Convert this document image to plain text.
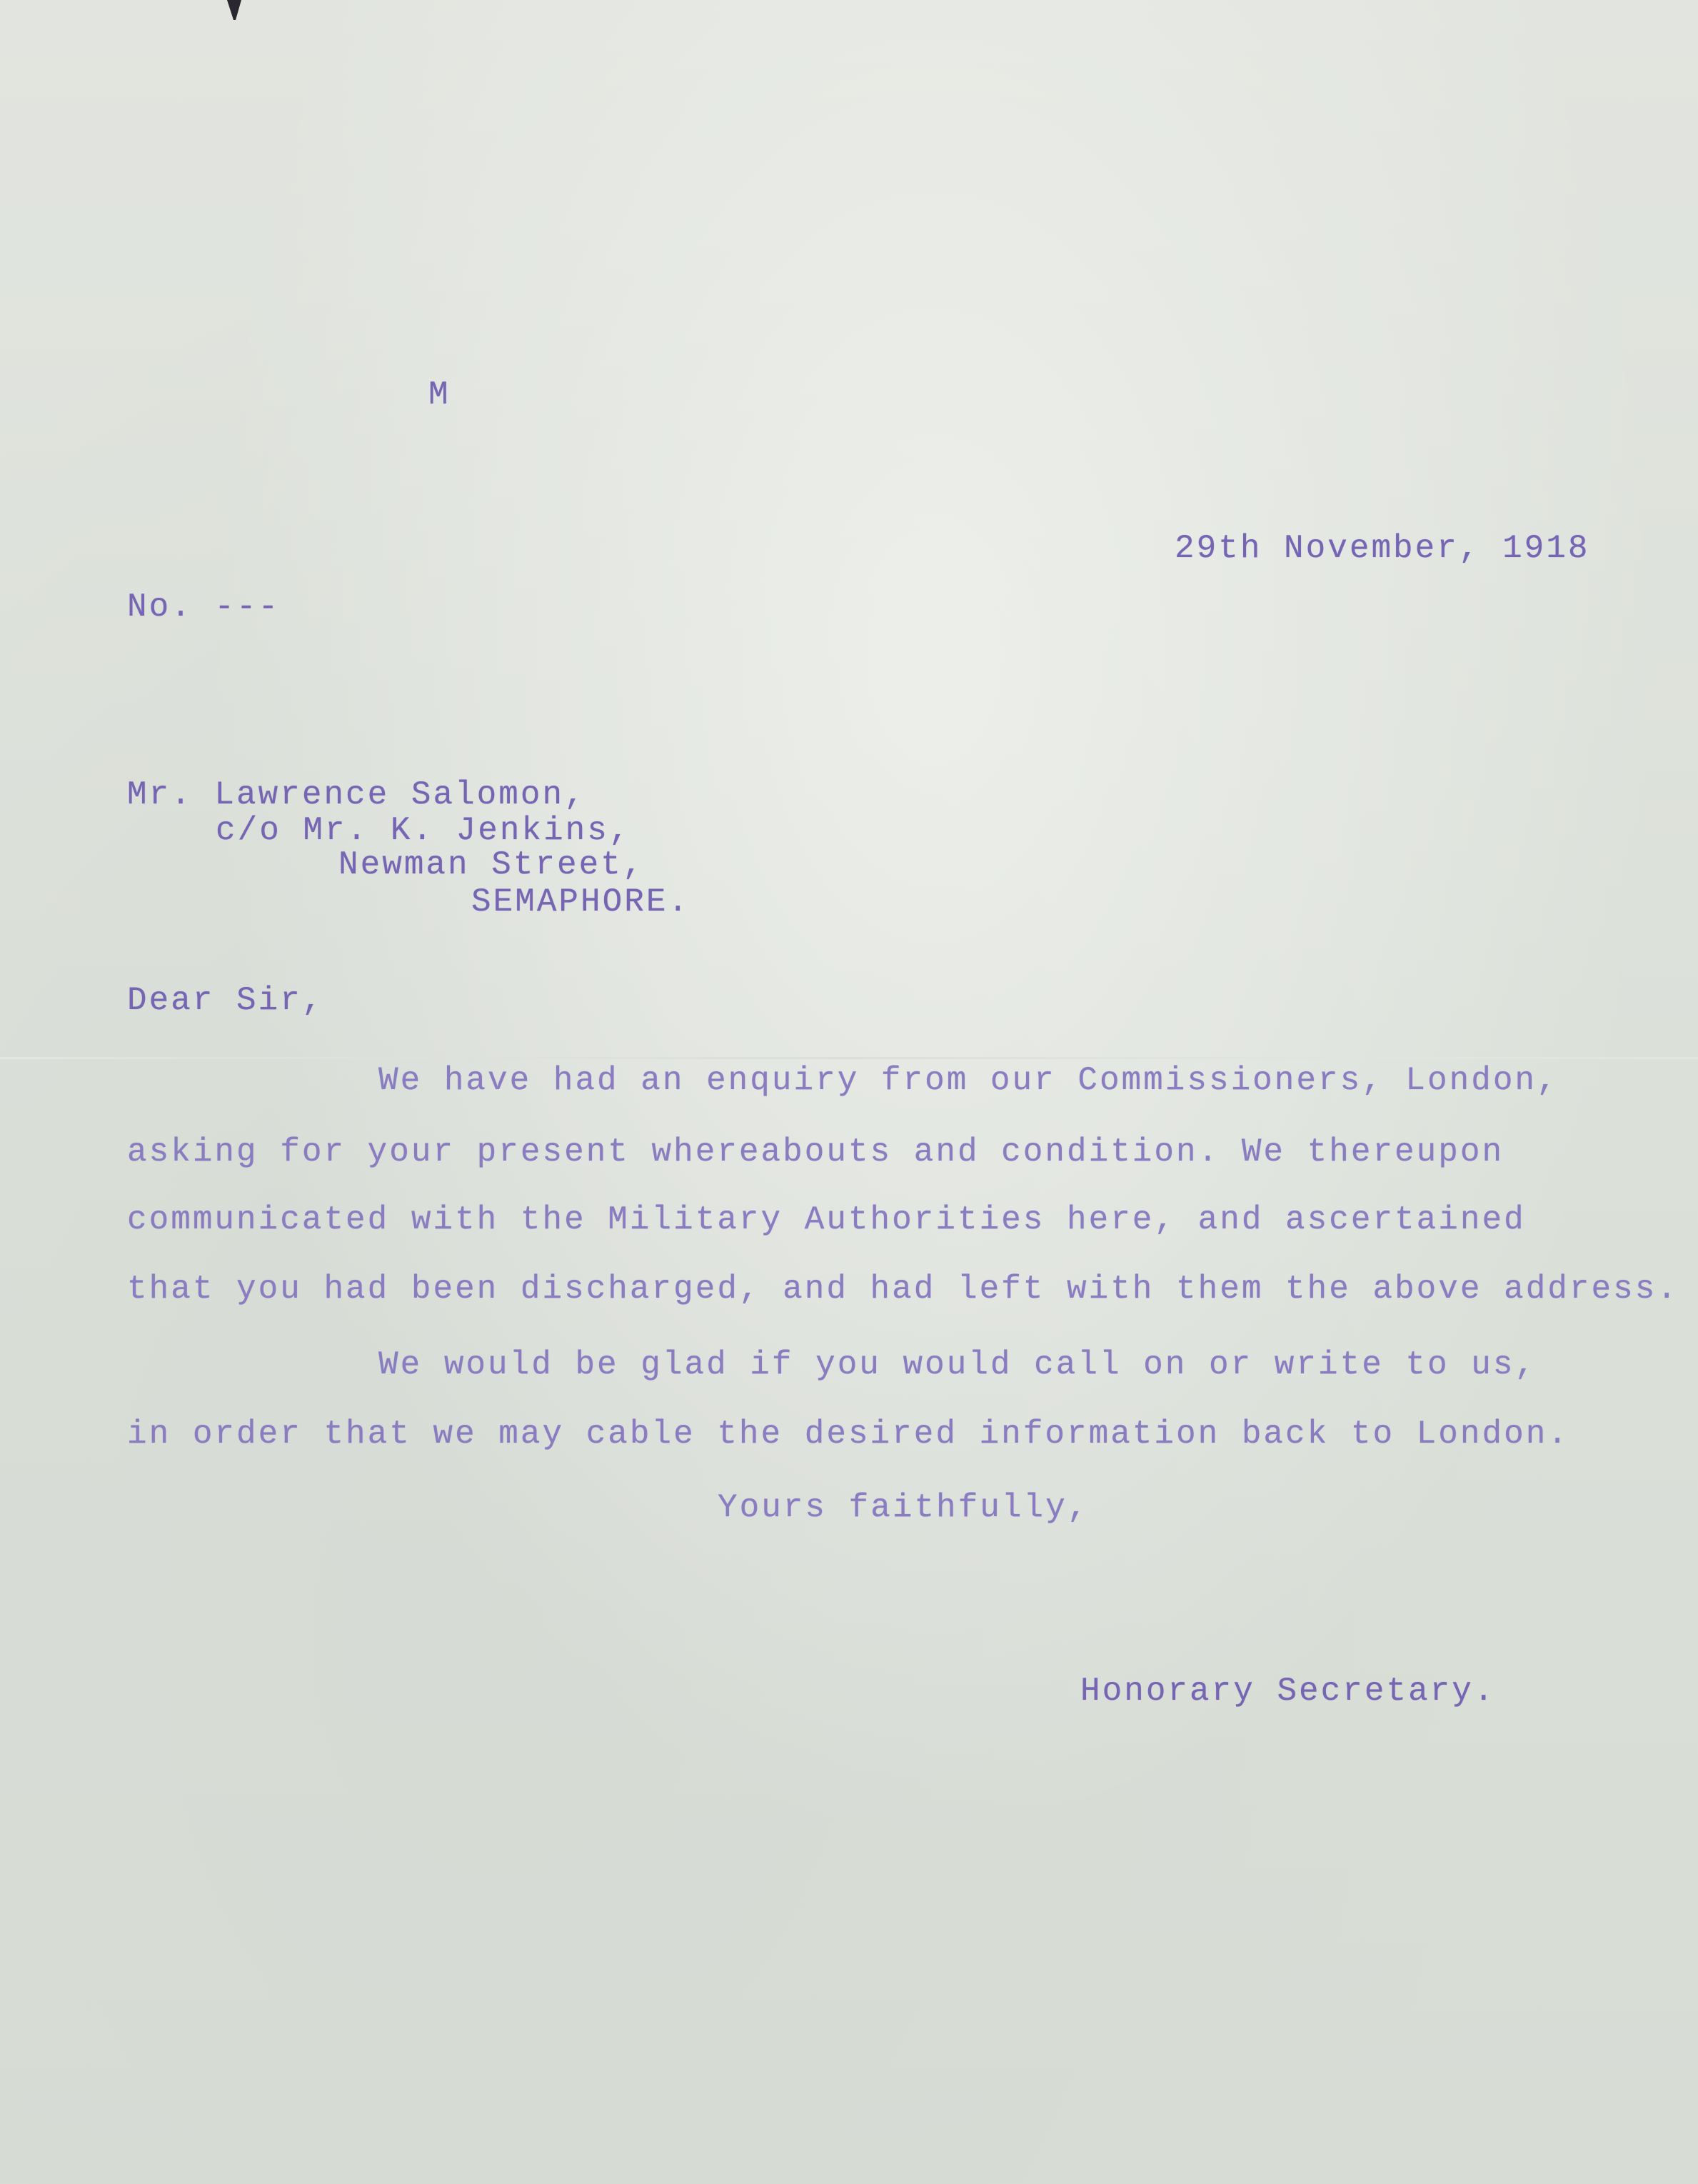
M
29th November, 1918
No. ---
Mr. Lawrence Salomon,
c/o Mr. K. Jenkins,
Newman Street,
SEMAPHORE.
Dear Sir,
We have had an enquiry from our Commissioners, London,
asking for your present whereabouts and condition. We thereupon
communicated with the Military Authorities here, and ascertained
that you had been discharged, and had left with them the above address.
We would be glad if you would call on or write to us,
in order that we may cable the desired information back to London.
Yours faithfully,
Honorary Secretary.
